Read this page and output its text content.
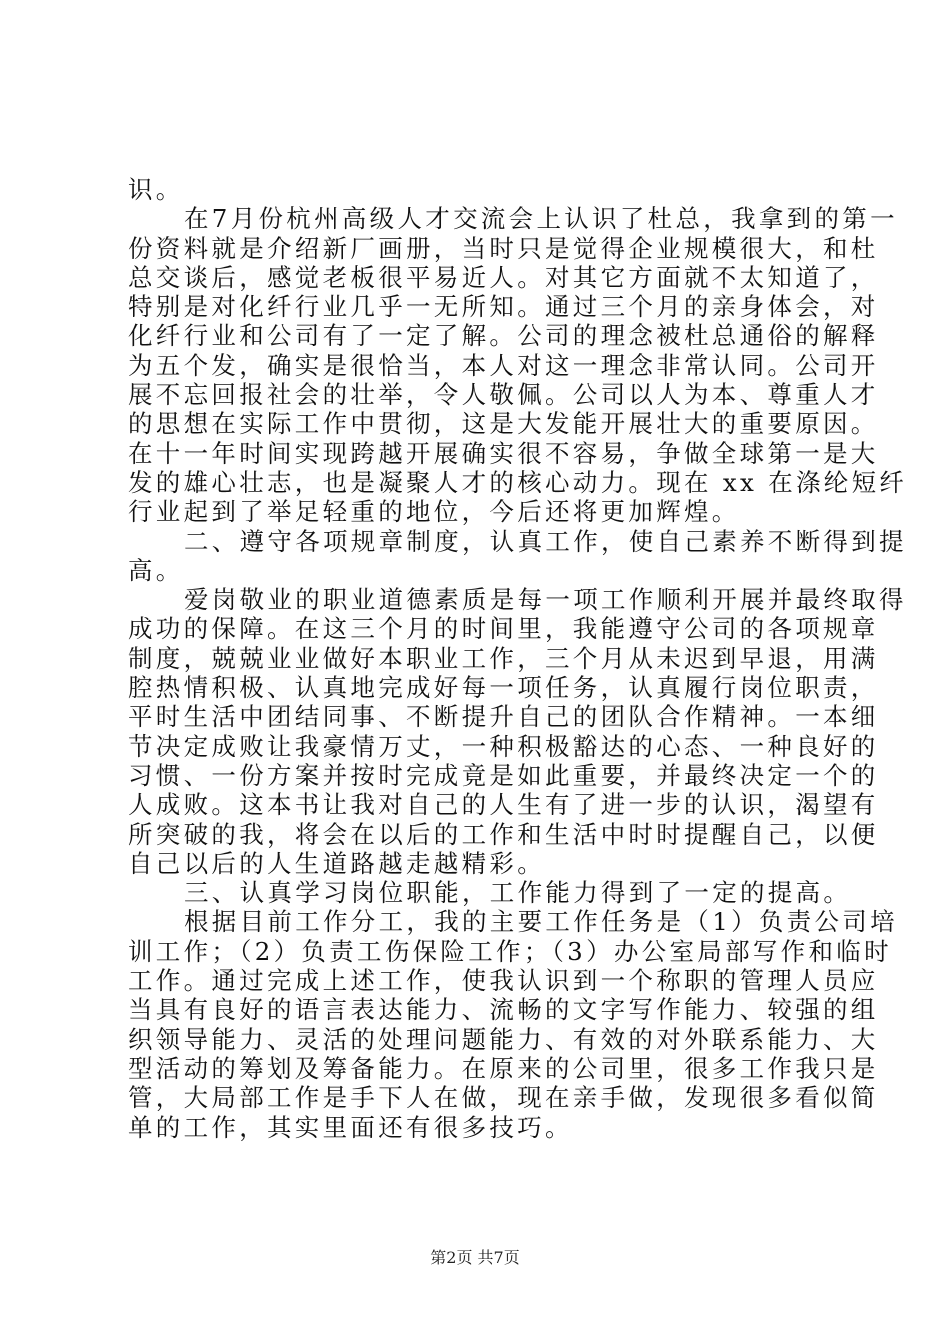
识。
在7月份杭州高级人才交流会上认识了杜总，我拿到的第一
份资料就是介绍新厂画册，当时只是觉得企业规模很大，和杜
总交谈后，感觉老板很平易近人。对其它方面就不太知道了，
特别是对化纤行业几乎一无所知。通过三个月的亲身体会，对
化纤行业和公司有了一定了解。公司的理念被杜总通俗的解释
为五个发，确实是很恰当，本人对这一理念非常认同。公司开
展不忘回报社会的壮举，令人敬佩。公司以人为本、尊重人才
的思想在实际工作中贯彻，这是大发能开展壮大的重要原因。
在十一年时间实现跨越开展确实很不容易，争做全球第一是大
发的雄心壮志，也是凝聚人才的核心动力。现在 xx 在涤纶短纤
行业起到了举足轻重的地位，今后还将更加辉煌。
二、遵守各项规章制度，认真工作，使自己素养不断得到提
高。
爱岗敬业的职业道德素质是每一项工作顺利开展并最终取得
成功的保障。在这三个月的时间里，我能遵守公司的各项规章
制度，兢兢业业做好本职业工作，三个月从未迟到早退，用满
腔热情积极、认真地完成好每一项任务，认真履行岗位职责，
平时生活中团结同事、不断提升自己的团队合作精神。一本细
节决定成败让我豪情万丈，一种积极豁达的心态、一种良好的
习惯、一份方案并按时完成竟是如此重要，并最终决定一个的
人成败。这本书让我对自己的人生有了进一步的认识，渴望有
所突破的我，将会在以后的工作和生活中时时提醒自己，以便
自己以后的人生道路越走越精彩。
三、认真学习岗位职能，工作能力得到了一定的提高。
根据目前工作分工，我的主要工作任务是（1）负责公司培
训工作；（2）负责工伤保险工作；（3）办公室局部写作和临时
工作。通过完成上述工作，使我认识到一个称职的管理人员应
当具有良好的语言表达能力、流畅的文字写作能力、较强的组
织领导能力、灵活的处理问题能力、有效的对外联系能力、大
型活动的筹划及筹备能力。在原来的公司里，很多工作我只是
管，大局部工作是手下人在做，现在亲手做，发现很多看似简
单的工作，其实里面还有很多技巧。
第2页 共7页
